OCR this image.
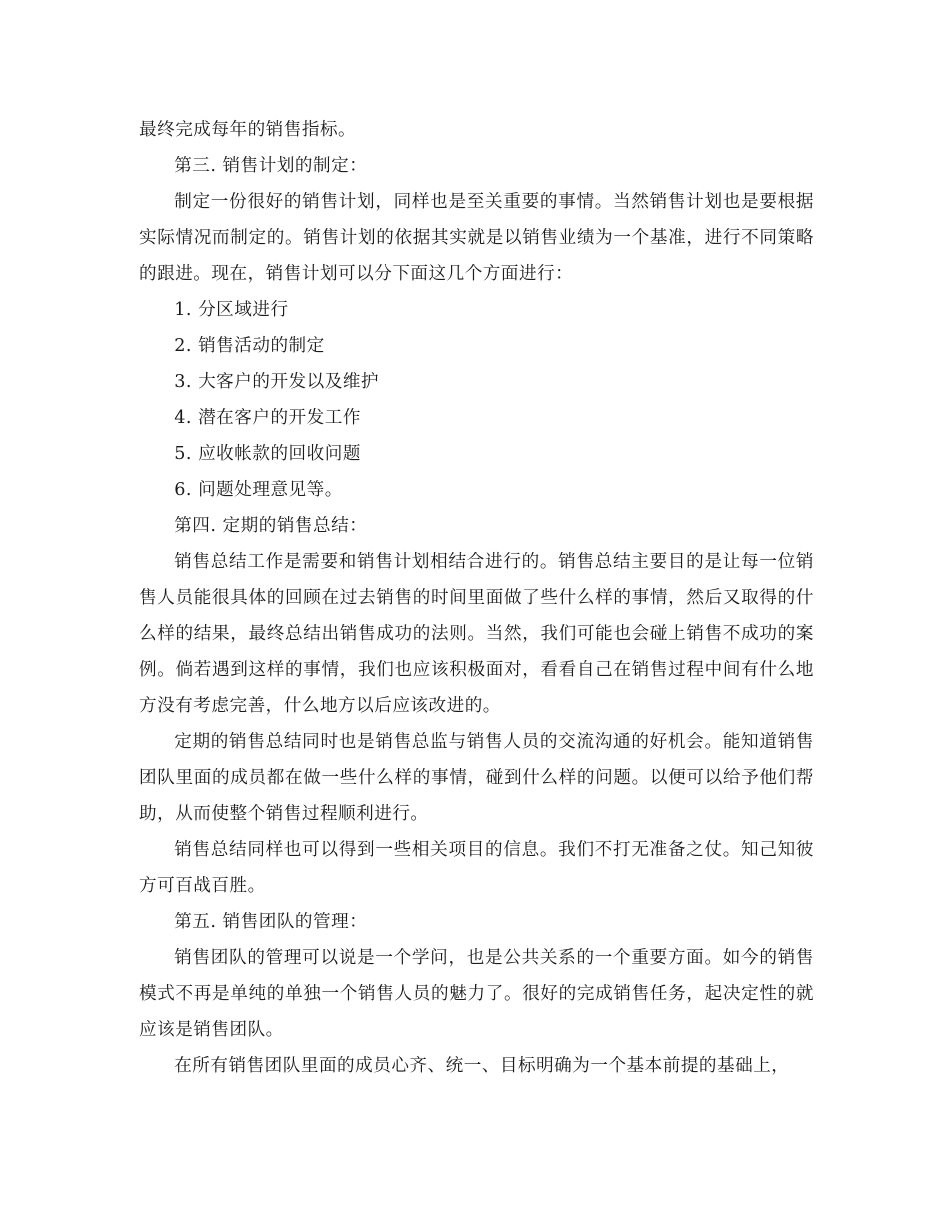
最终完成每年的销售指标。

第三. 销售计划的制定：

制定一份很好的销售计划，同样也是至关重要的事情。当然销售计划也是要根据实际情况而制定的。销售计划的依据其实就是以销售业绩为一个基准，进行不同策略的跟进。现在，销售计划可以分下面这几个方面进行：

1. 分区域进行

2. 销售活动的制定

3. 大客户的开发以及维护

4. 潜在客户的开发工作

5. 应收帐款的回收问题

6. 问题处理意见等。

第四. 定期的销售总结：

销售总结工作是需要和销售计划相结合进行的。销售总结主要目的是让每一位销售人员能很具体的回顾在过去销售的时间里面做了些什么样的事情，然后又取得的什么样的结果，最终总结出销售成功的法则。当然，我们可能也会碰上销售不成功的案例。倘若遇到这样的事情，我们也应该积极面对，看看自己在销售过程中间有什么地方没有考虑完善，什么地方以后应该改进的。

定期的销售总结同时也是销售总监与销售人员的交流沟通的好机会。能知道销售团队里面的成员都在做一些什么样的事情，碰到什么样的问题。以便可以给予他们帮助，从而使整个销售过程顺利进行。

销售总结同样也可以得到一些相关项目的信息。我们不打无准备之仗。知己知彼方可百战百胜。

第五. 销售团队的管理：

销售团队的管理可以说是一个学问，也是公共关系的一个重要方面。如今的销售模式不再是单纯的单独一个销售人员的魅力了。很好的完成销售任务，起决定性的就应该是销售团队。

在所有销售团队里面的成员心齐、统一、目标明确为一个基本前提的基础上，
